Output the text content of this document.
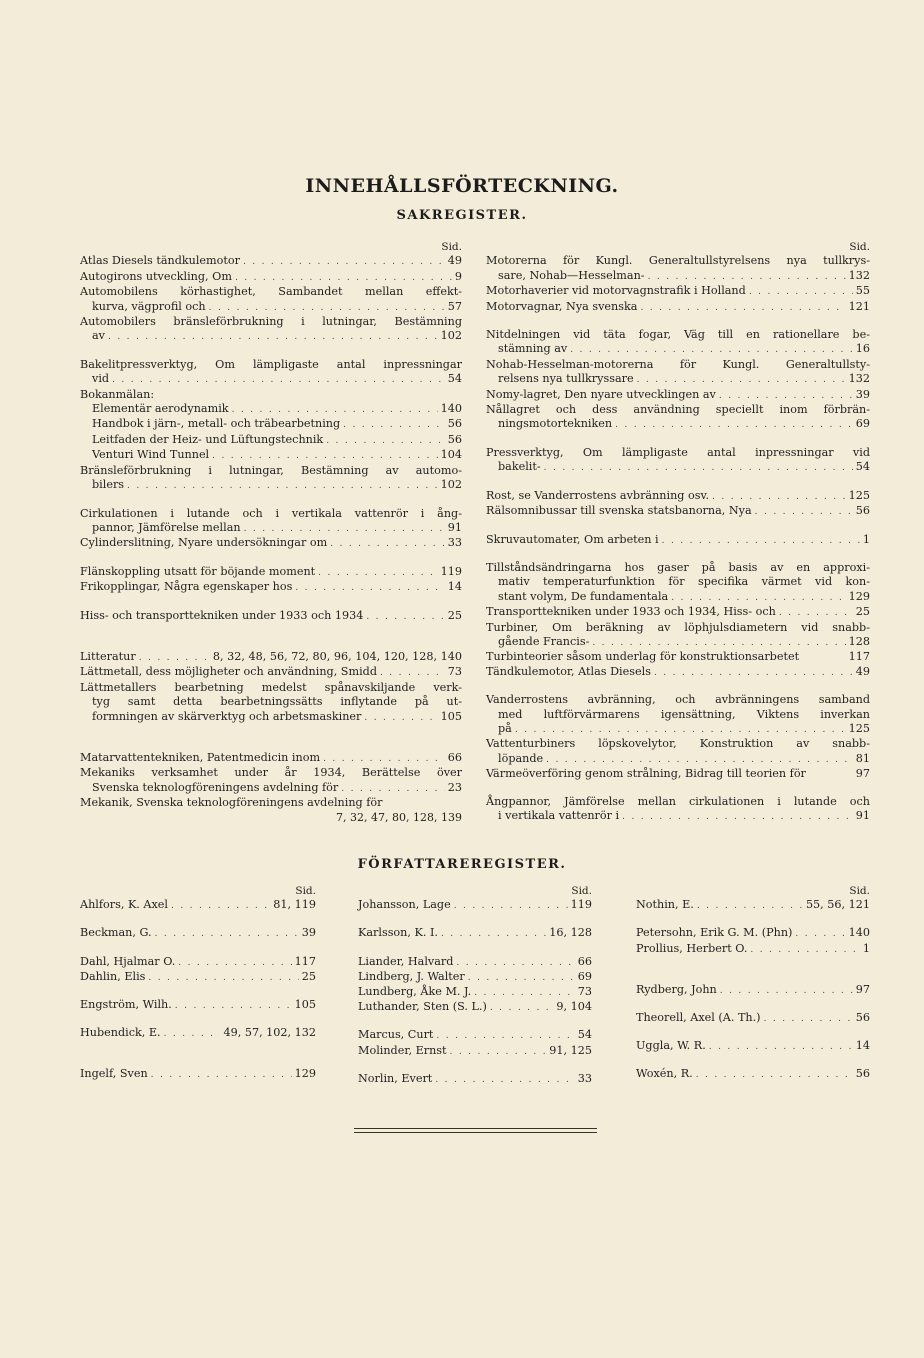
INNEHÅLLSFÖRTECKNING.
SAKREGISTER.
Sid.
Atlas Diesels tändkulemotor . . .	49
Autogirons utveckling, Om . . .	9
Automobilens körhastighet, Sambandet mellan effekt-
kurva, vägprofil och . . .	57
Automobilers bränsleförbrukning i lutningar, Bestämning
av . . .	102
Bakelitpressverktyg, Om lämpligaste antal inpressningar
vid . . .	54
Bokanmälan:
Elementär aerodynamik . . .	140
Handbok i järn-, metall- och träbearbetning . . .	56
Leitfaden der Heiz- und Lüftungstechnik . . .	56
Venturi Wind Tunnel . . .	104
Bränsleförbrukning i lutningar, Bestämning av automo-
bilers . . .	102
Cirkulationen i lutande och i vertikala vattenrör i ång-
pannor, Jämförelse mellan . . .	91
Cylinderslitning, Nyare undersökningar om . . .	33
Flänskoppling utsatt för böjande moment . . .	119
Frikopplingar, Några egenskaper hos . . .	14
Hiss- och transporttekniken under 1933 och 1934 . . .	25
Litteratur . . .	8, 32, 48, 56, 72, 80, 96, 104, 120, 128, 140
Lättmetall, dess möjligheter och användning, Smidd . . .	73
Lättmetallers bearbetning medelst spånavskiljande verk-
tyg samt detta bearbetningssätts inflytande på ut-
formningen av skärverktyg och arbetsmaskiner . . .	105
Matarvattentekniken, Patentmedicin inom . . .	66
Mekaniks verksamhet under år 1934, Berättelse över
Svenska teknologföreningens avdelning för . . .	23
Mekanik, Svenska teknologföreningens avdelning för
7, 32, 47, 80, 128, 139
Sid.
Motorerna för Kungl. Generaltullstyrelsens nya tullkrys-
sare, Nohab—Hesselman- . . .	132
Motorhaverier vid motorvagnstrafik i Holland . . .	55
Motorvagnar, Nya svenska . . .	121
Nitdelningen vid täta fogar, Väg till en rationellare be-
stämning av . . .	16
Nohab-Hesselman-motorerna för Kungl. Generaltullsty-
relsens nya tullkryssare . . .	132
Nomy-lagret, Den nyare utvecklingen av . . .	39
Nållagret och dess användning speciellt inom förbrän-
ningsmotortekniken . . .	69
Pressverktyg, Om lämpligaste antal inpressningar vid
bakelit- . . .	54
Rost, se Vanderrostens avbränning osv. . . .	125
Rälsomnibussar till svenska statsbanorna, Nya . . .	56
Skruvautomater, Om arbeten i . . .	1
Tillståndsändringarna hos gaser på basis av en approxi-
mativ temperaturfunktion för specifika värmet vid kon-
stant volym, De fundamentala . . .	129
Transporttekniken under 1933 och 1934, Hiss- och . . .	25
Turbiner, Om beräkning av löphjulsdiametern vid snabb-
gående Francis- . . .	128
Turbinteorier såsom underlag för konstruktionsarbetet	117
Tändkulemotor, Atlas Diesels . . .	49
Vanderrostens avbränning, och avbränningens samband
med luftförvärmarens igensättning, Viktens inverkan
på . . .	125
Vattenturbiners löpskovelytor, Konstruktion av snabb-
löpande . . .	81
Värmeöverföring genom strålning, Bidrag till teorien för	97
Ångpannor, Jämförelse mellan cirkulationen i lutande och
i vertikala vattenrör i . . .	91
FÖRFATTAREREGISTER.
Sid.
Ahlfors, K. Axel . . .	81, 119
Beckman, G. . . .	39
Dahl, Hjalmar O. . . .	117
Dahlin, Elis . . .	25
Engström, Wilh. . . .	105
Hubendick, E. . . .	49, 57, 102, 132
Ingelf, Sven . . .	129
Sid.
Johansson, Lage . . .	119
Karlsson, K. I. . . .	16, 128
Liander, Halvard . . .	66
Lindberg, J. Walter . . .	69
Lundberg, Åke M. J. . . .	73
Luthander, Sten (S. L.) . . .	9, 104
Marcus, Curt . . .	54
Molinder, Ernst . . .	91, 125
Norlin, Evert . . .	33
Sid.
Nothin, E. . . .	55, 56, 121
Petersohn, Erik G. M. (Phn) . . .	140
Prollius, Herbert O. . . .	1
Rydberg, John . . .	97
Theorell, Axel (A. Th.) . . .	56
Uggla, W. R. . . .	14
Woxén, R. . . .	56
